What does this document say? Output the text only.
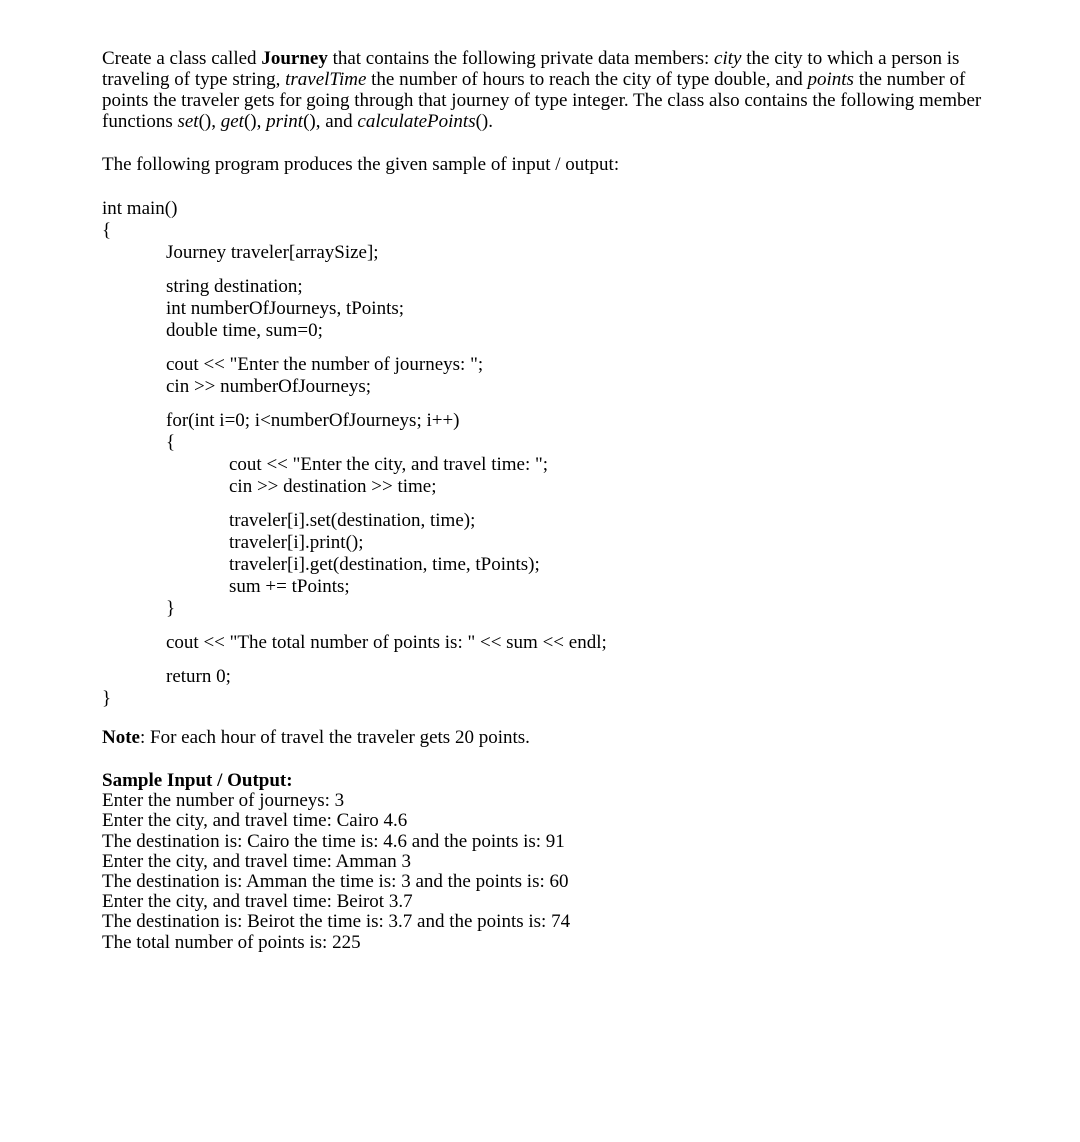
Create a class called Journey that contains the following private data members: city the city to which a person is traveling of type string, travelTime the number of hours to reach the city of type double, and points the number of points the traveler gets for going through that journey of type integer. The class also contains the following member functions set(), get(), print(), and calculatePoints().

The following program produces the given sample of input / output:

int main()
{
Journey traveler[arraySize];
string destination;
int numberOfJourneys, tPoints;
double time, sum=0;
cout << "Enter the number of journeys: ";
cin >> numberOfJourneys;
for(int i=0; i<numberOfJourneys; i++)
{
cout << "Enter the city, and travel time: ";
cin >> destination >> time;
traveler[i].set(destination, time);
traveler[i].print();
traveler[i].get(destination, time, tPoints);
sum += tPoints;
}
cout << "The total number of points is: " << sum << endl;
return 0;
}

Note: For each hour of travel the traveler gets 20 points.

Sample Input / Output:
Enter the number of journeys: 3
Enter the city, and travel time: Cairo 4.6
The destination is: Cairo the time is: 4.6 and the points is: 91
Enter the city, and travel time: Amman 3
The destination is: Amman the time is: 3 and the points is: 60
Enter the city, and travel time: Beirot 3.7
The destination is: Beirot the time is: 3.7 and the points is: 74
The total number of points is: 225
